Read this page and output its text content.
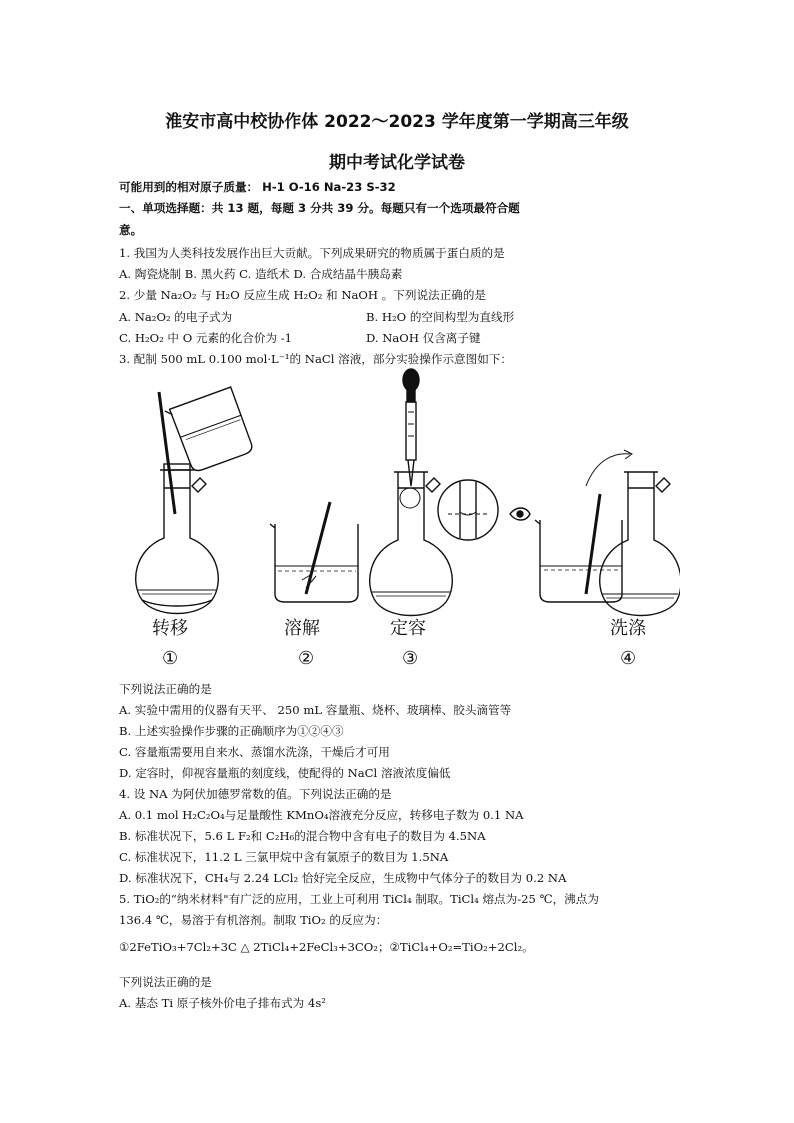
淮安市高中校协作体 2022～2023 学年度第一学期高三年级
期中考试化学试卷
可能用到的相对原子质量： H-1 O-16 Na-23 S-32
一、单项选择题：共 13 题，每题 3 分共 39 分。每题只有一个选项最符合题
意。
1. 我国为人类科技发展作出巨大贡献。下列成果研究的物质属于蛋白质的是
A. 陶瓷烧制 B. 黑火药 C. 造纸术 D. 合成结晶牛胰岛素
2. 少量 Na₂O₂ 与 H₂O 反应生成 H₂O₂ 和 NaOH 。下列说法正确的是
A. Na₂O₂ 的电子式为	B. H₂O 的空间构型为直线形
C. H₂O₂ 中 O 元素的化合价为 -1	D. NaOH 仅含离子键
3. 配制 500 mL 0.100 mol·L⁻¹的 NaCl 溶液，部分实验操作示意图如下：
转移	溶解	定容	洗涤
①	②	③	④
下列说法正确的是
A. 实验中需用的仪器有天平、 250 mL 容量瓶、烧杯、玻璃棒、胶头滴管等
B. 上述实验操作步骤的正确顺序为①②④③
C. 容量瓶需要用自来水、蒸馏水洗涤，干燥后才可用
D. 定容时，仰视容量瓶的刻度线，使配得的 NaCl 溶液浓度偏低
4. 设 NA 为阿伏加德罗常数的值。下列说法正确的是
A. 0.1 mol H₂C₂O₄与足量酸性 KMnO₄溶液充分反应，转移电子数为 0.1 NA
B. 标准状况下，5.6 L F₂和 C₂H₆的混合物中含有电子的数目为 4.5NA
C. 标准状况下，11.2 L 三氯甲烷中含有氯原子的数目为 1.5NA
D. 标准状况下，CH₄与 2.24 LCl₂ 恰好完全反应，生成物中气体分子的数目为 0.2 NA
5. TiO₂的“纳米材料"有广泛的应用，工业上可利用 TiCl₄ 制取。TiCl₄ 熔点为-25 ℃，沸点为
136.4 ℃，易溶于有机溶剂。制取 TiO₂ 的反应为：
①2FeTiO₃+7Cl₂+3C △ 2TiCl₄+2FeCl₃+3CO₂；②TiCl₄+O₂=TiO₂+2Cl₂。
下列说法正确的是
A. 基态 Ti 原子核外价电子排布式为 4s²
